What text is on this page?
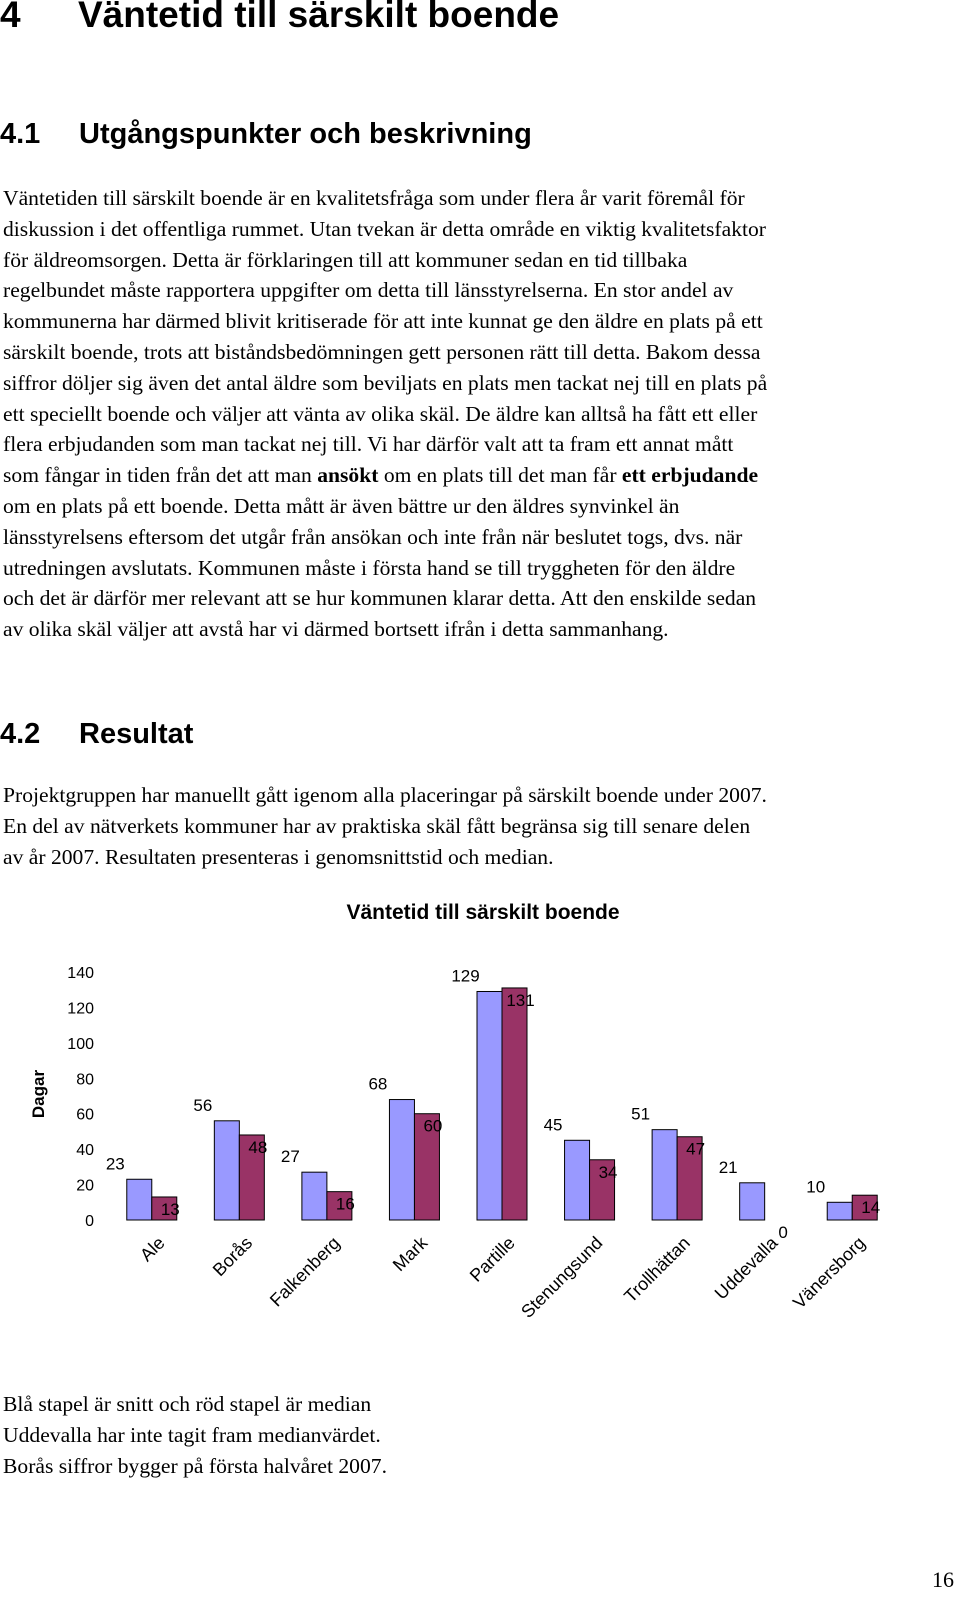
4 Väntetid till särskilt boende
4.1 Utgångspunkter och beskrivning
Väntetiden till särskilt boende är en kvalitetsfråga som under flera år varit föremål för
diskussion i det offentliga rummet. Utan tvekan är detta område en viktig kvalitetsfaktor
för äldreomsorgen. Detta är förklaringen till att kommuner sedan en tid tillbaka
regelbundet måste rapportera uppgifter om detta till länsstyrelserna. En stor andel av
kommunerna har därmed blivit kritiserade för att inte kunnat ge den äldre en plats på ett
särskilt boende, trots att biståndsbedömningen gett personen rätt till detta. Bakom dessa
siffror döljer sig även det antal äldre som beviljats en plats men tackat nej till en plats på
ett speciellt boende och väljer att vänta av olika skäl. De äldre kan alltså ha fått ett eller
flera erbjudanden som man tackat nej till. Vi har därför valt att ta fram ett annat mått
som fångar in tiden från det att man ansökt om en plats till det man får ett erbjudande
om en plats på ett boende. Detta mått är även bättre ur den äldres synvinkel än
länsstyrelsens eftersom det utgår från ansökan och inte från när beslutet togs, dvs. när
utredningen avslutats. Kommunen måste i första hand se till tryggheten för den äldre
och det är därför mer relevant att se hur kommunen klarar detta. Att den enskilde sedan
av olika skäl väljer att avstå har vi därmed bortsett ifrån i detta sammanhang.
4.2 Resultat
Projektgruppen har manuellt gått igenom alla placeringar på särskilt boende under 2007.
En del av nätverkets kommuner har av praktiska skäl fått begränsa sig till senare delen
av år 2007. Resultaten presenteras i genomsnittstid och median.
Väntetid till särskilt boende
Dagar
0
20
40
60
80
100
120
140
23
56
27
68
129
45
51
21
10
13
48
16
60
131
34
47
0
14
Ale Borås Falkenberg	Mark Partille
Stenungsund Trollhättan Uddevalla Vänersborg
Blå stapel är snitt och röd stapel är median
Uddevalla har inte tagit fram medianvärdet.
Borås siffror bygger på första halvåret 2007.
16
